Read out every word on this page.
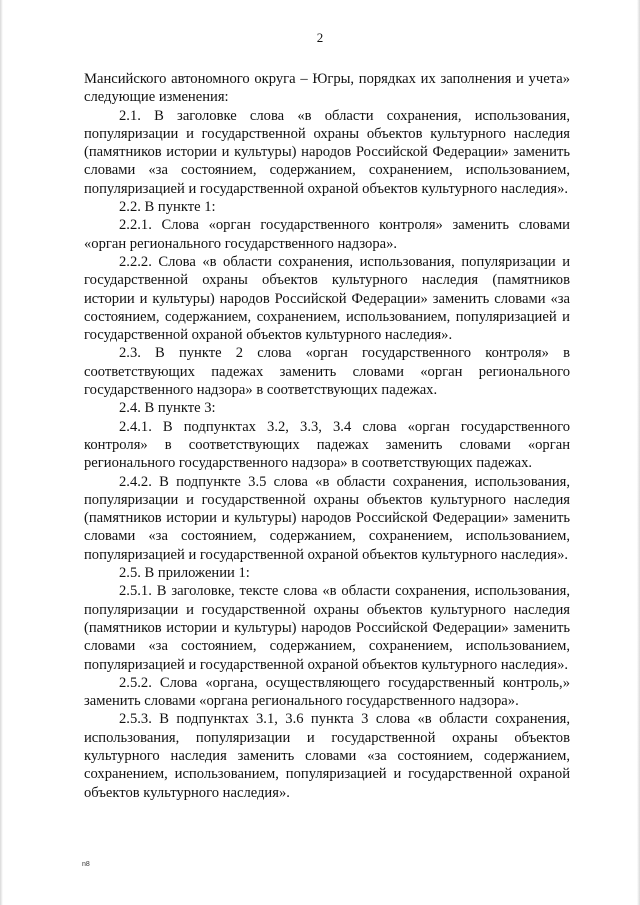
2

Мансийского автономного округа – Югры, порядках их заполнения и учета» следующие изменения:

2.1. В заголовке слова «в области сохранения, использования, популяризации и государственной охраны объектов культурного наследия (памятников истории и культуры) народов Российской Федерации» заменить словами «за состоянием, содержанием, сохранением, использованием, популяризацией и государственной охраной объектов культурного наследия».

2.2. В пункте 1:

2.2.1. Слова «орган государственного контроля» заменить словами «орган регионального государственного надзора».

2.2.2. Слова «в области сохранения, использования, популяризации и государственной охраны объектов культурного наследия (памятников истории и культуры) народов Российской Федерации» заменить словами «за состоянием, содержанием, сохранением, использованием, популяризацией и государственной охраной объектов культурного наследия».

2.3. В пункте 2 слова «орган государственного контроля» в соответствующих падежах заменить словами «орган регионального государственного надзора» в соответствующих падежах.

2.4. В пункте 3:

2.4.1. В подпунктах 3.2, 3.3, 3.4 слова «орган государственного контроля» в соответствующих падежах заменить словами «орган регионального государственного надзора» в соответствующих падежах.

2.4.2. В подпункте 3.5 слова «в области сохранения, использования, популяризации и государственной охраны объектов культурного наследия (памятников истории и культуры) народов Российской Федерации» заменить словами «за состоянием, содержанием, сохранением, использованием, популяризацией и государственной охраной объектов культурного наследия».

2.5. В приложении 1:

2.5.1. В заголовке, тексте слова «в области сохранения, использования, популяризации и государственной охраны объектов культурного наследия (памятников истории и культуры) народов Российской Федерации» заменить словами «за состоянием, содержанием, сохранением, использованием, популяризацией и государственной охраной объектов культурного наследия».

2.5.2. Слова «органа, осуществляющего государственный контроль,» заменить словами «органа регионального государственного надзора».

2.5.3. В подпунктах 3.1, 3.6 пункта 3 слова «в области сохранения, использования, популяризации и государственной охраны объектов культурного наследия заменить словами «за состоянием, содержанием, сохранением, использованием, популяризацией и государственной охраной объектов культурного наследия».

n8
